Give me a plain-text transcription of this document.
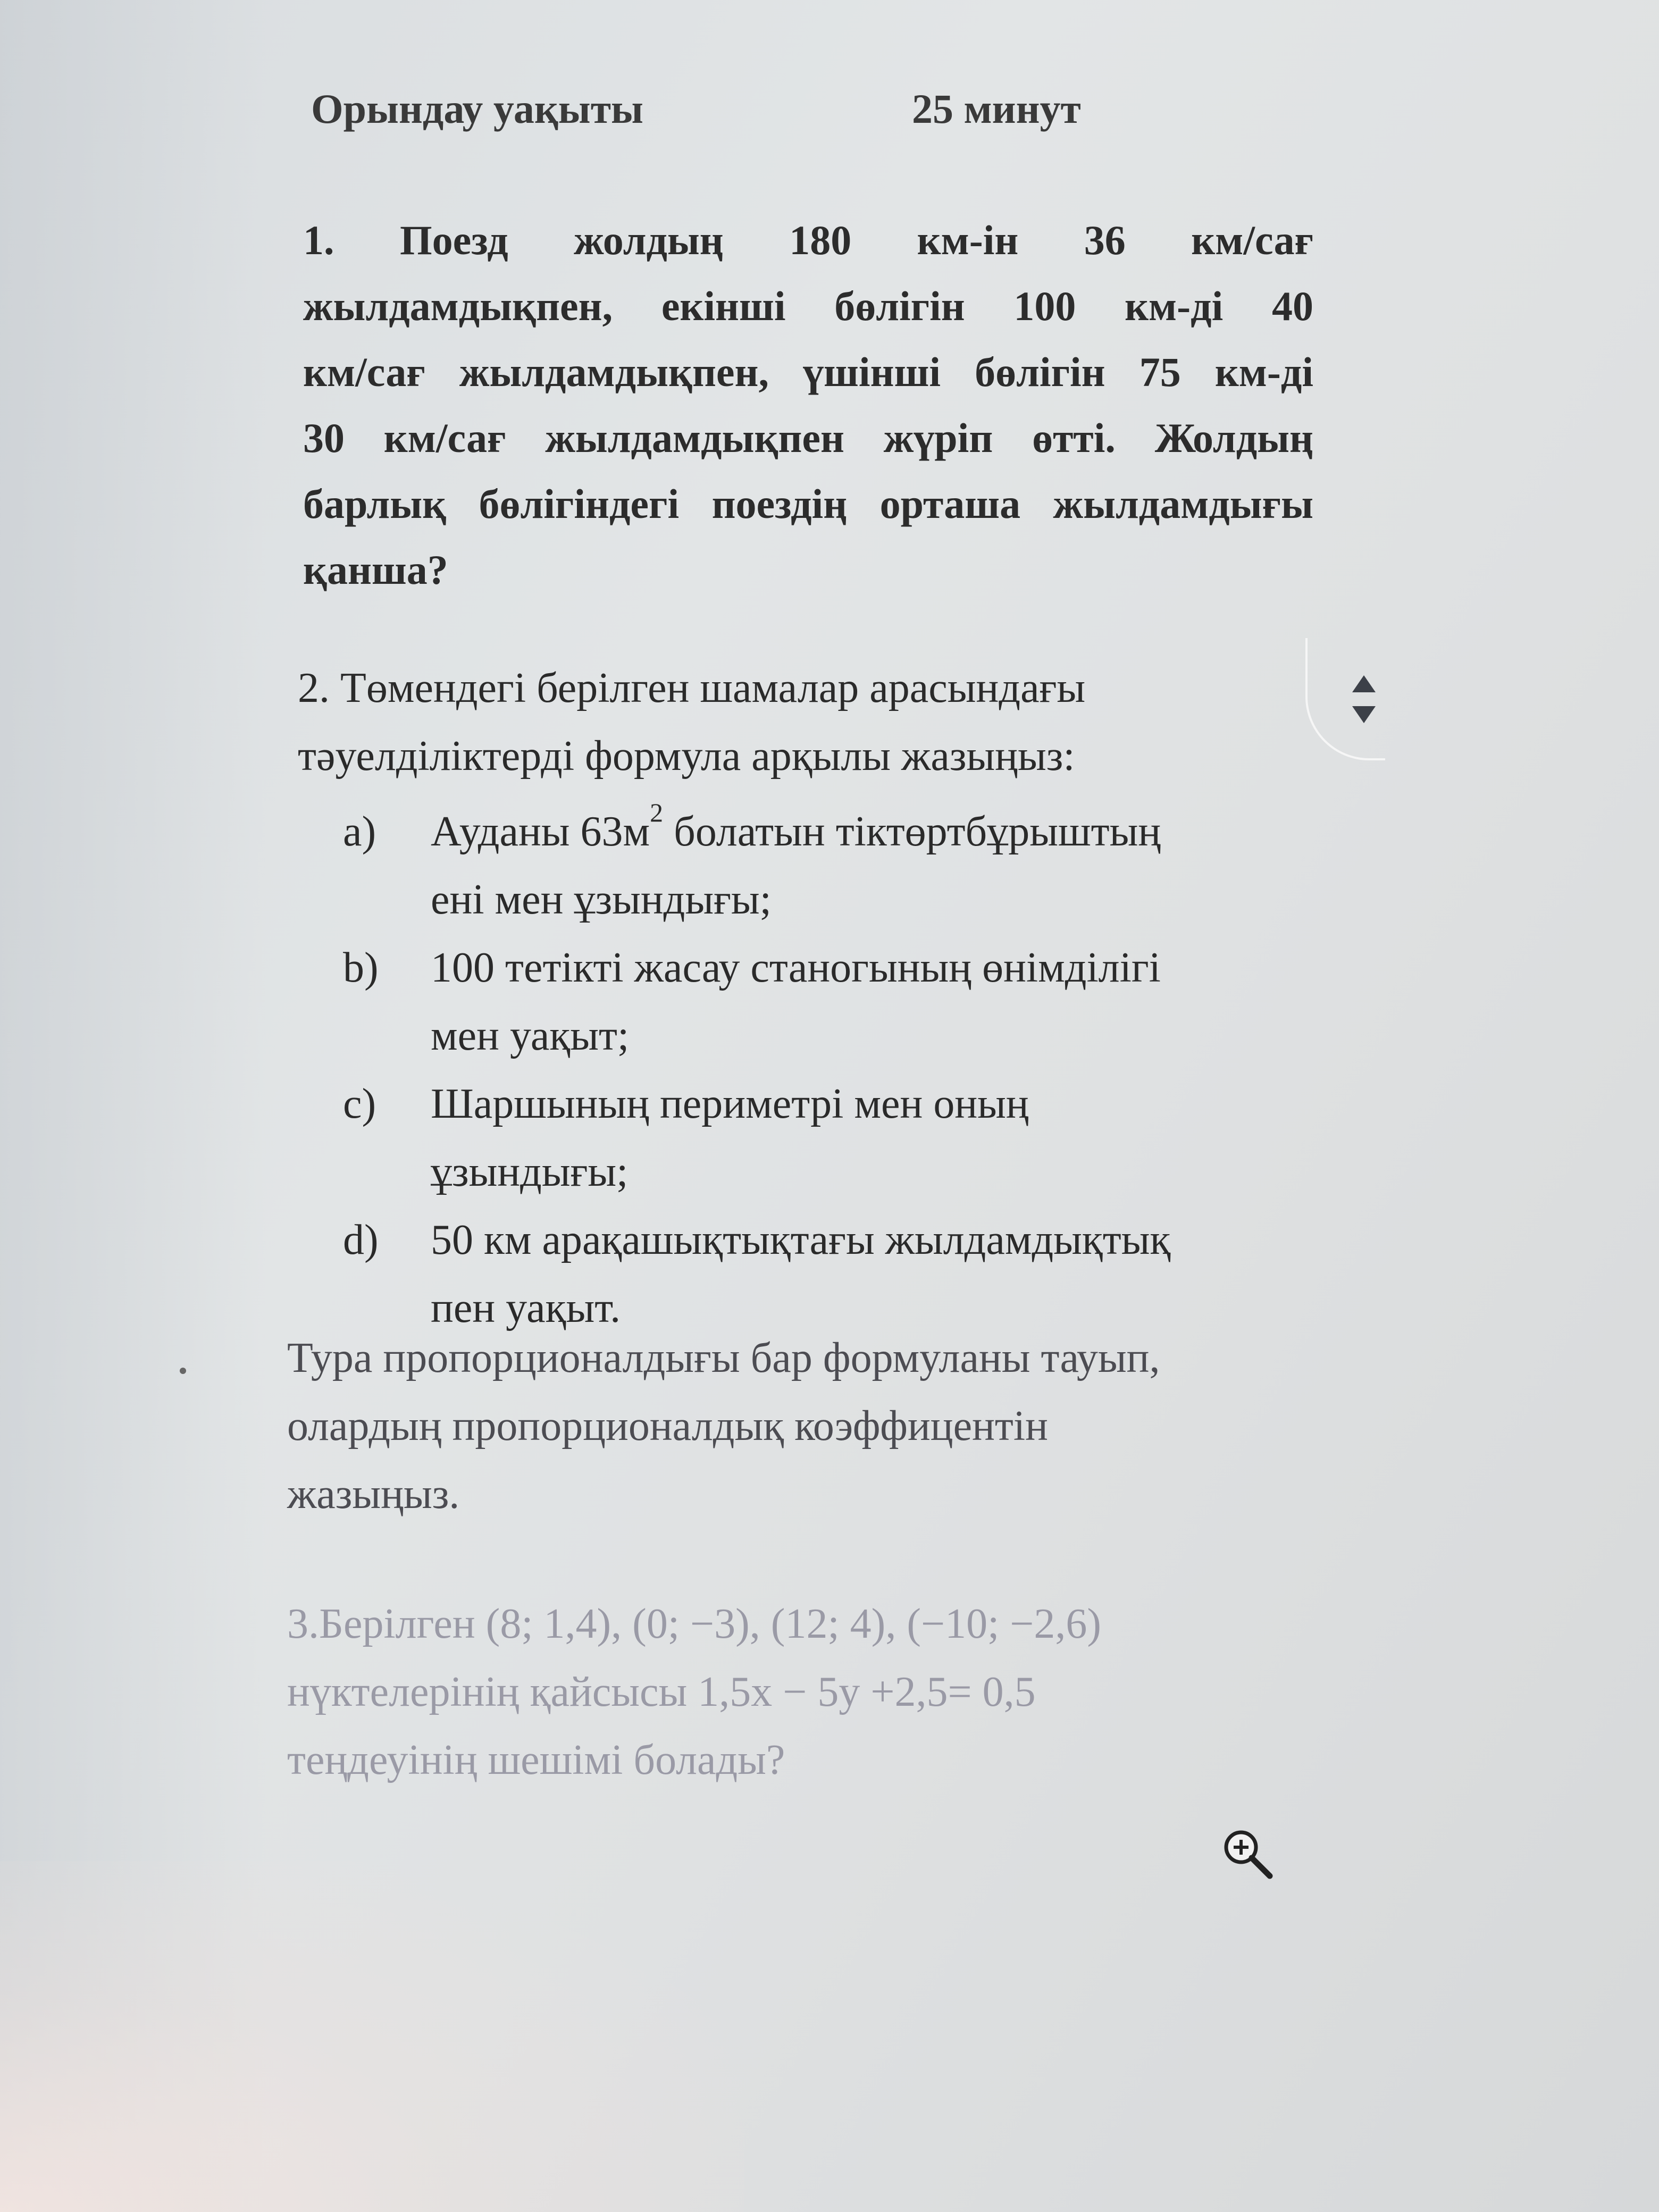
Орындау уақыты	25 минут
1. Поезд жолдың 180 км-ін 36 км/сағ
жылдамдықпен, екінші бөлігін 100 км-ді 40
км/сағ жылдамдықпен, үшінші бөлігін 75 км-ді
30 км/сағ жылдамдықпен жүріп өтті. Жолдың
барлық бөлігіндегі поездің орташа жылдамдығы
қанша?
2. Төмендегі берілген шамалар арасындағы
тәуелділіктерді формула арқылы жазыңыз:
a)	Ауданы $63м^2$ болатын тіктөртбұрыштың
ені мен ұзындығы;
b)	100 тетікті жасау станогының өнімділігі
мен уақыт;
c)	Шаршының периметрі мен оның
ұзындығы;
d)	50 км арақашықтықтағы жылдамдықтық
пен уақыт.
Тура пропорционалдығы бар формуланы тауып,
олардың пропорционалдық коэффицентін
жазыңыз.
3.Берілген (8; 1,4), (0; −3), (12; 4), (−10; −2,6)
нүктелерінің қайсысы 1,5х − 5у +2,5= 0,5
теңдеуінің шешімі болады?
